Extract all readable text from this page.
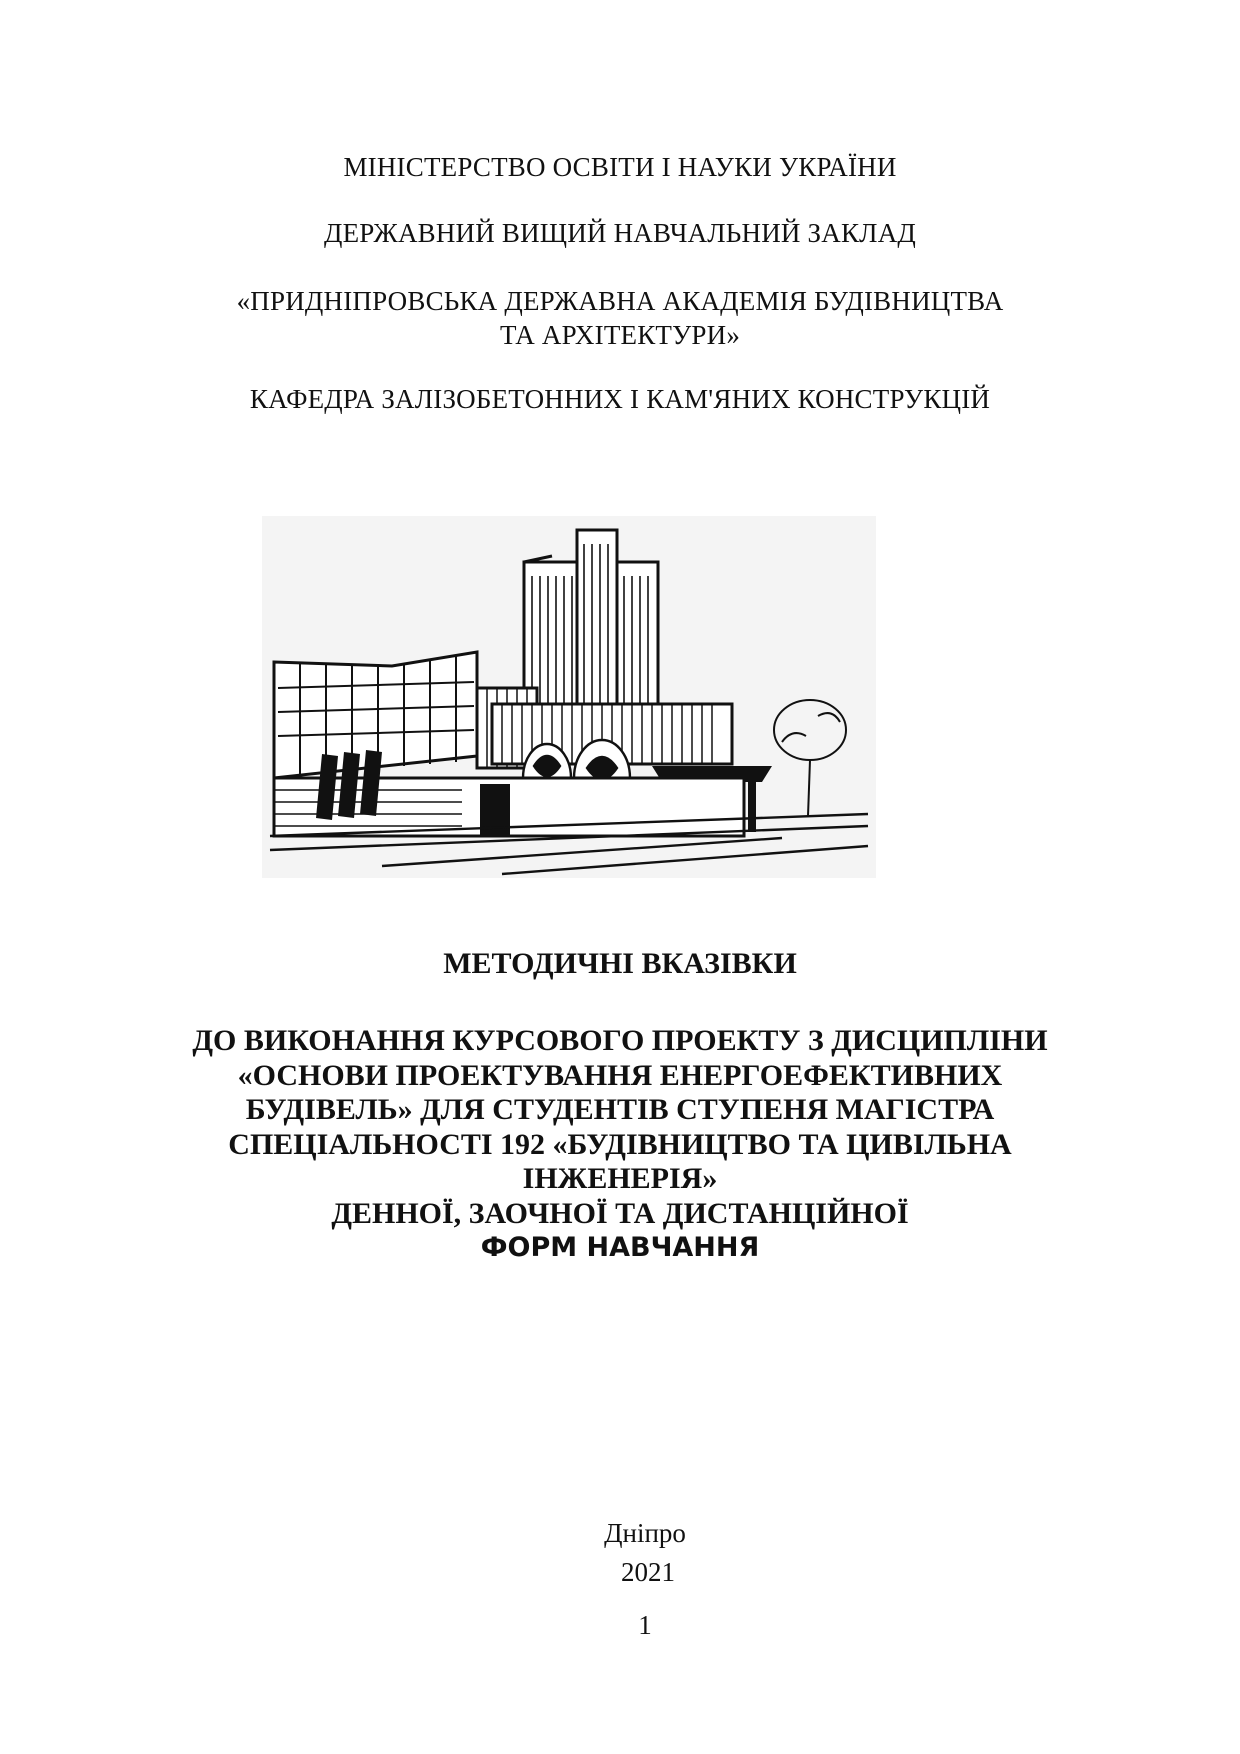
МІНІСТЕРСТВО ОСВІТИ І НАУКИ УКРАЇНИ
ДЕРЖАВНИЙ ВИЩИЙ НАВЧАЛЬНИЙ ЗАКЛАД
«ПРИДНІПРОВСЬКА ДЕРЖАВНА АКАДЕМІЯ БУДІВНИЦТВА
ТА АРХІТЕКТУРИ»
КАФЕДРА ЗАЛІЗОБЕТОННИХ І КАМ'ЯНИХ КОНСТРУКЦІЙ
МЕТОДИЧНІ ВКАЗІВКИ
ДО ВИКОНАННЯ КУРСОВОГО ПРОЕКТУ З ДИСЦИПЛІНИ
«ОСНОВИ ПРОЕКТУВАННЯ ЕНЕРГОЕФЕКТИВНИХ
БУДІВЕЛЬ» ДЛЯ СТУДЕНТІВ СТУПЕНЯ МАГІСТРА
СПЕЦІАЛЬНОСТІ 192 «БУДІВНИЦТВО ТА ЦИВІЛЬНА
ІНЖЕНЕРІЯ»
ДЕННОЇ, ЗАОЧНОЇ ТА ДИСТАНЦІЙНОЇ
ФОРМ НАВЧАННЯ
Дніпро
2021
1
